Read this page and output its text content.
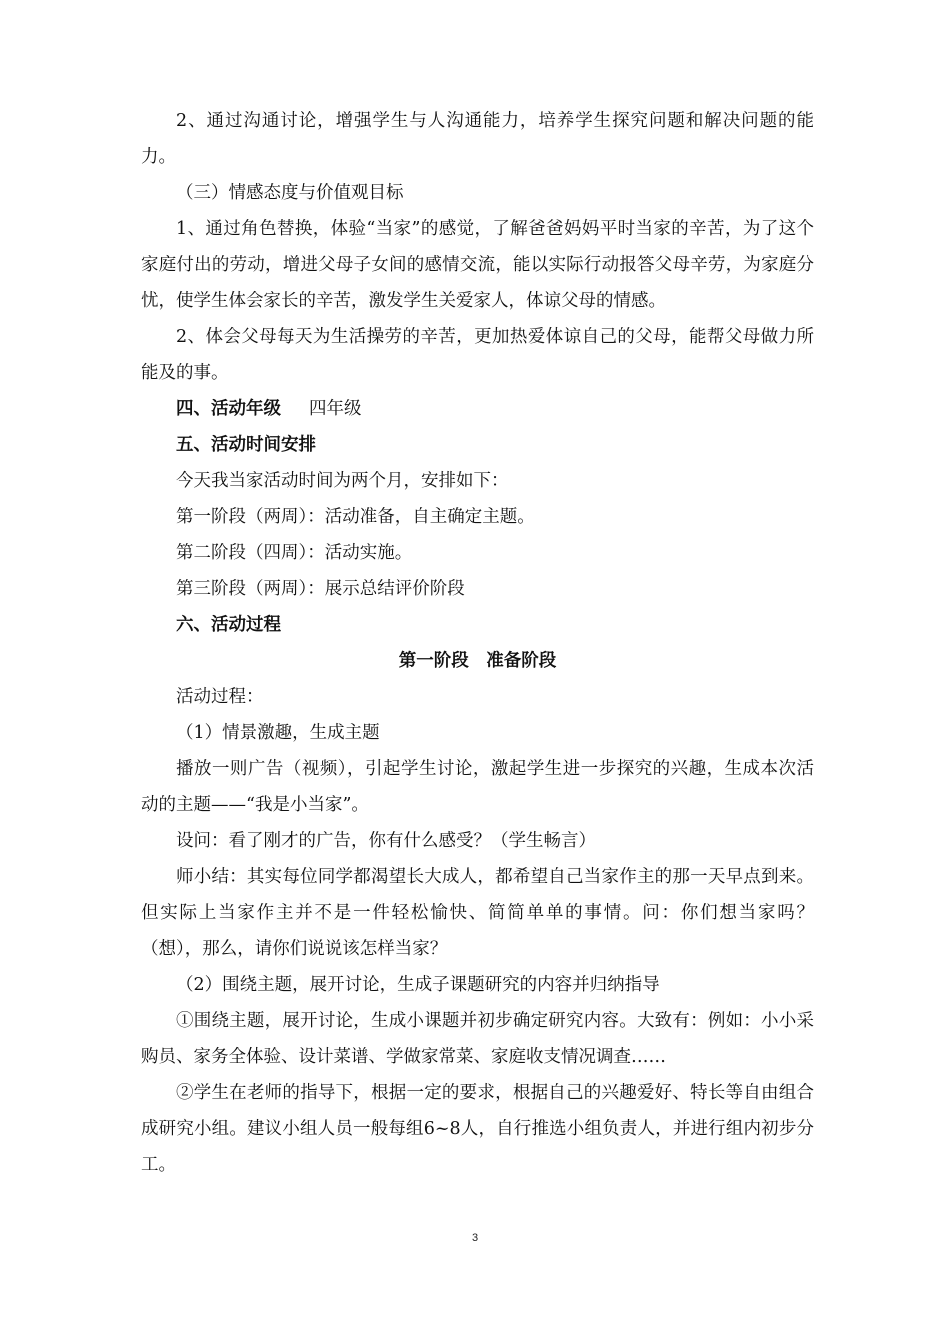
2、通过沟通讨论，增强学生与人沟通能力，培养学生探究问题和解决问题的能力。

（三）情感态度与价值观目标

1、通过角色替换，体验“当家”的感觉，了解爸爸妈妈平时当家的辛苦，为了这个家庭付出的劳动，增进父母子女间的感情交流，能以实际行动报答父母辛劳，为家庭分忧，使学生体会家长的辛苦，激发学生关爱家人，体谅父母的情感。

2、体会父母每天为生活操劳的辛苦，更加热爱体谅自己的父母，能帮父母做力所能及的事。

四、活动年级 四年级

五、活动时间安排

今天我当家活动时间为两个月，安排如下：

第一阶段（两周）：活动准备，自主确定主题。

第二阶段（四周）：活动实施。

第三阶段（两周）：展示总结评价阶段

六、活动过程

第一阶段　准备阶段

活动过程：

（1）情景激趣，生成主题

播放一则广告（视频），引起学生讨论，激起学生进一步探究的兴趣，生成本次活动的主题——“我是小当家”。

设问：看了刚才的广告，你有什么感受？（学生畅言）

师小结：其实每位同学都渴望长大成人，都希望自己当家作主的那一天早点到来。但实际上当家作主并不是一件轻松愉快、简简单单的事情。问：你们想当家吗？（想），那么，请你们说说该怎样当家？

（2）围绕主题，展开讨论，生成子课题研究的内容并归纳指导

①围绕主题，展开讨论，生成小课题并初步确定研究内容。大致有：例如：小小采购员、家务全体验、设计菜谱、学做家常菜、家庭收支情况调查……

②学生在老师的指导下，根据一定的要求，根据自己的兴趣爱好、特长等自由组合成研究小组。建议小组人员一般每组6~8人，自行推选小组负责人，并进行组内初步分工。

3
